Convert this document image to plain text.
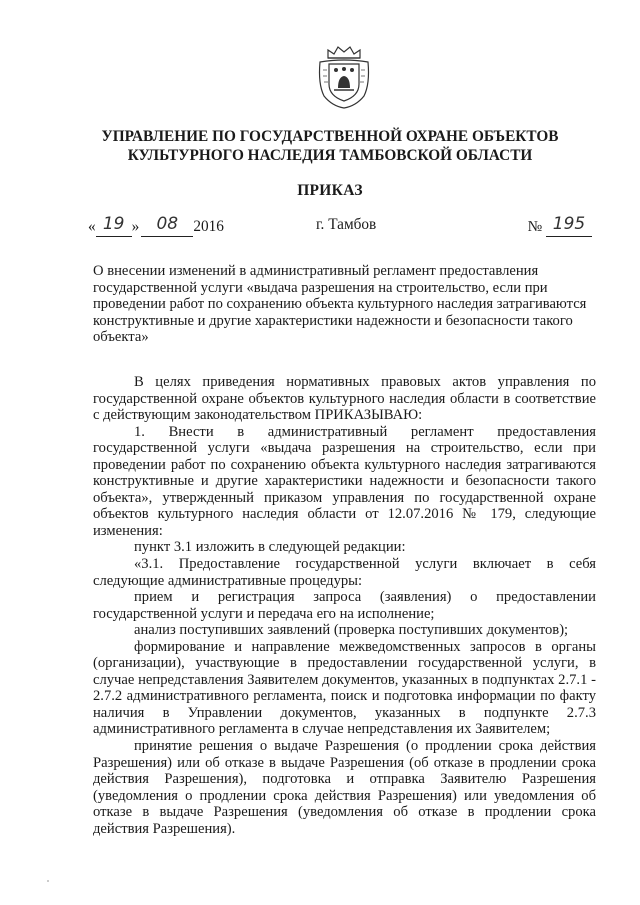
УПРАВЛЕНИЕ ПО ГОСУДАРСТВЕННОЙ ОХРАНЕ ОБЪЕКТОВ
КУЛЬТУРНОГО НАСЛЕДИЯ ТАМБОВСКОЙ ОБЛАСТИ
ПРИКАЗ
« 19 » 08 2016	г. Тамбов	№ 195

О внесении изменений в административный регламент предоставления государственной услуги «выдача разрешения на строительство, если при проведении работ по сохранению объекта культурного наследия затрагиваются конструктивные и другие характеристики надежности и безопасности такого объекта»

В целях приведения нормативных правовых актов управления по государственной охране объектов культурного наследия области в соответствие с действующим законодательством ПРИКАЗЫВАЮ:

1. Внести в административный регламент предоставления государственной услуги «выдача разрешения на строительство, если при проведении работ по сохранению объекта культурного наследия затрагиваются конструктивные и другие характеристики надежности и безопасности такого объекта», утвержденный приказом управления по государственной охране объектов культурного наследия области от 12.07.2016 № 179, следующие изменения:

пункт 3.1 изложить в следующей редакции:

«3.1. Предоставление государственной услуги включает в себя следующие административные процедуры:

прием и регистрация запроса (заявления) о предоставлении государственной услуги и передача его на исполнение;

анализ поступивших заявлений (проверка поступивших документов);

формирование и направление межведомственных запросов в органы (организации), участвующие в предоставлении государственной услуги, в случае непредставления Заявителем документов, указанных в подпунктах 2.7.1 - 2.7.2 административного регламента, поиск и подготовка информации по факту наличия в Управлении документов, указанных в подпункте 2.7.3 административного регламента в случае непредставления их Заявителем;

принятие решения о выдаче Разрешения (о продлении срока действия Разрешения) или об отказе в выдаче Разрешения (об отказе в продлении срока действия Разрешения), подготовка и отправка Заявителю Разрешения (уведомления о продлении срока действия Разрешения) или уведомления об отказе в выдаче Разрешения (уведомления об отказе в продлении срока действия Разрешения).
